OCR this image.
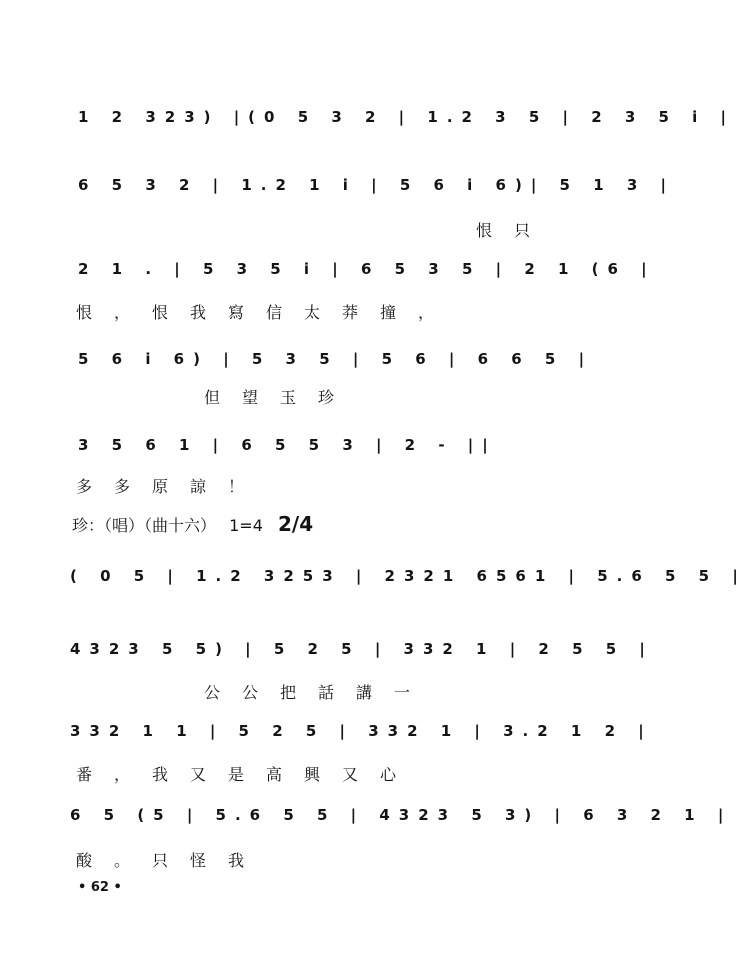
1 2 323) |(0 5 3 2 | 1.2 3 5 | 2 3 5 i |
6 5 3 2 | 1.2 1 i | 5 6 i 6)| 5 1 3 |
恨只
2 1 . | 5 3 5 i | 6 5 3 5 | 2 1 (6 |
恨，恨我寫信太莽撞，
5 6 i 6) | 5 3 5 | 5 6 | 6 6 5 |
但望玉珍
3 5 6 1 | 6 5 5 3 | 2 - ||
多多原諒！
珍：（唱）（曲十六） 1=4 2/4
( 0 5 | 1.2 3253 | 2321 6561 | 5.6 5 5 |
4323 5 5) | 5 2 5 | 332 1 | 2 5 5 |
公公把話講一
332 1 1 | 5 2 5 | 332 1 | 3.2 1 2 |
番，我又是高興又心
6 5 (5 | 5.6 5 5 | 4323 5 3) | 6 3 2 1 |
酸。只怪我
• 62 •
